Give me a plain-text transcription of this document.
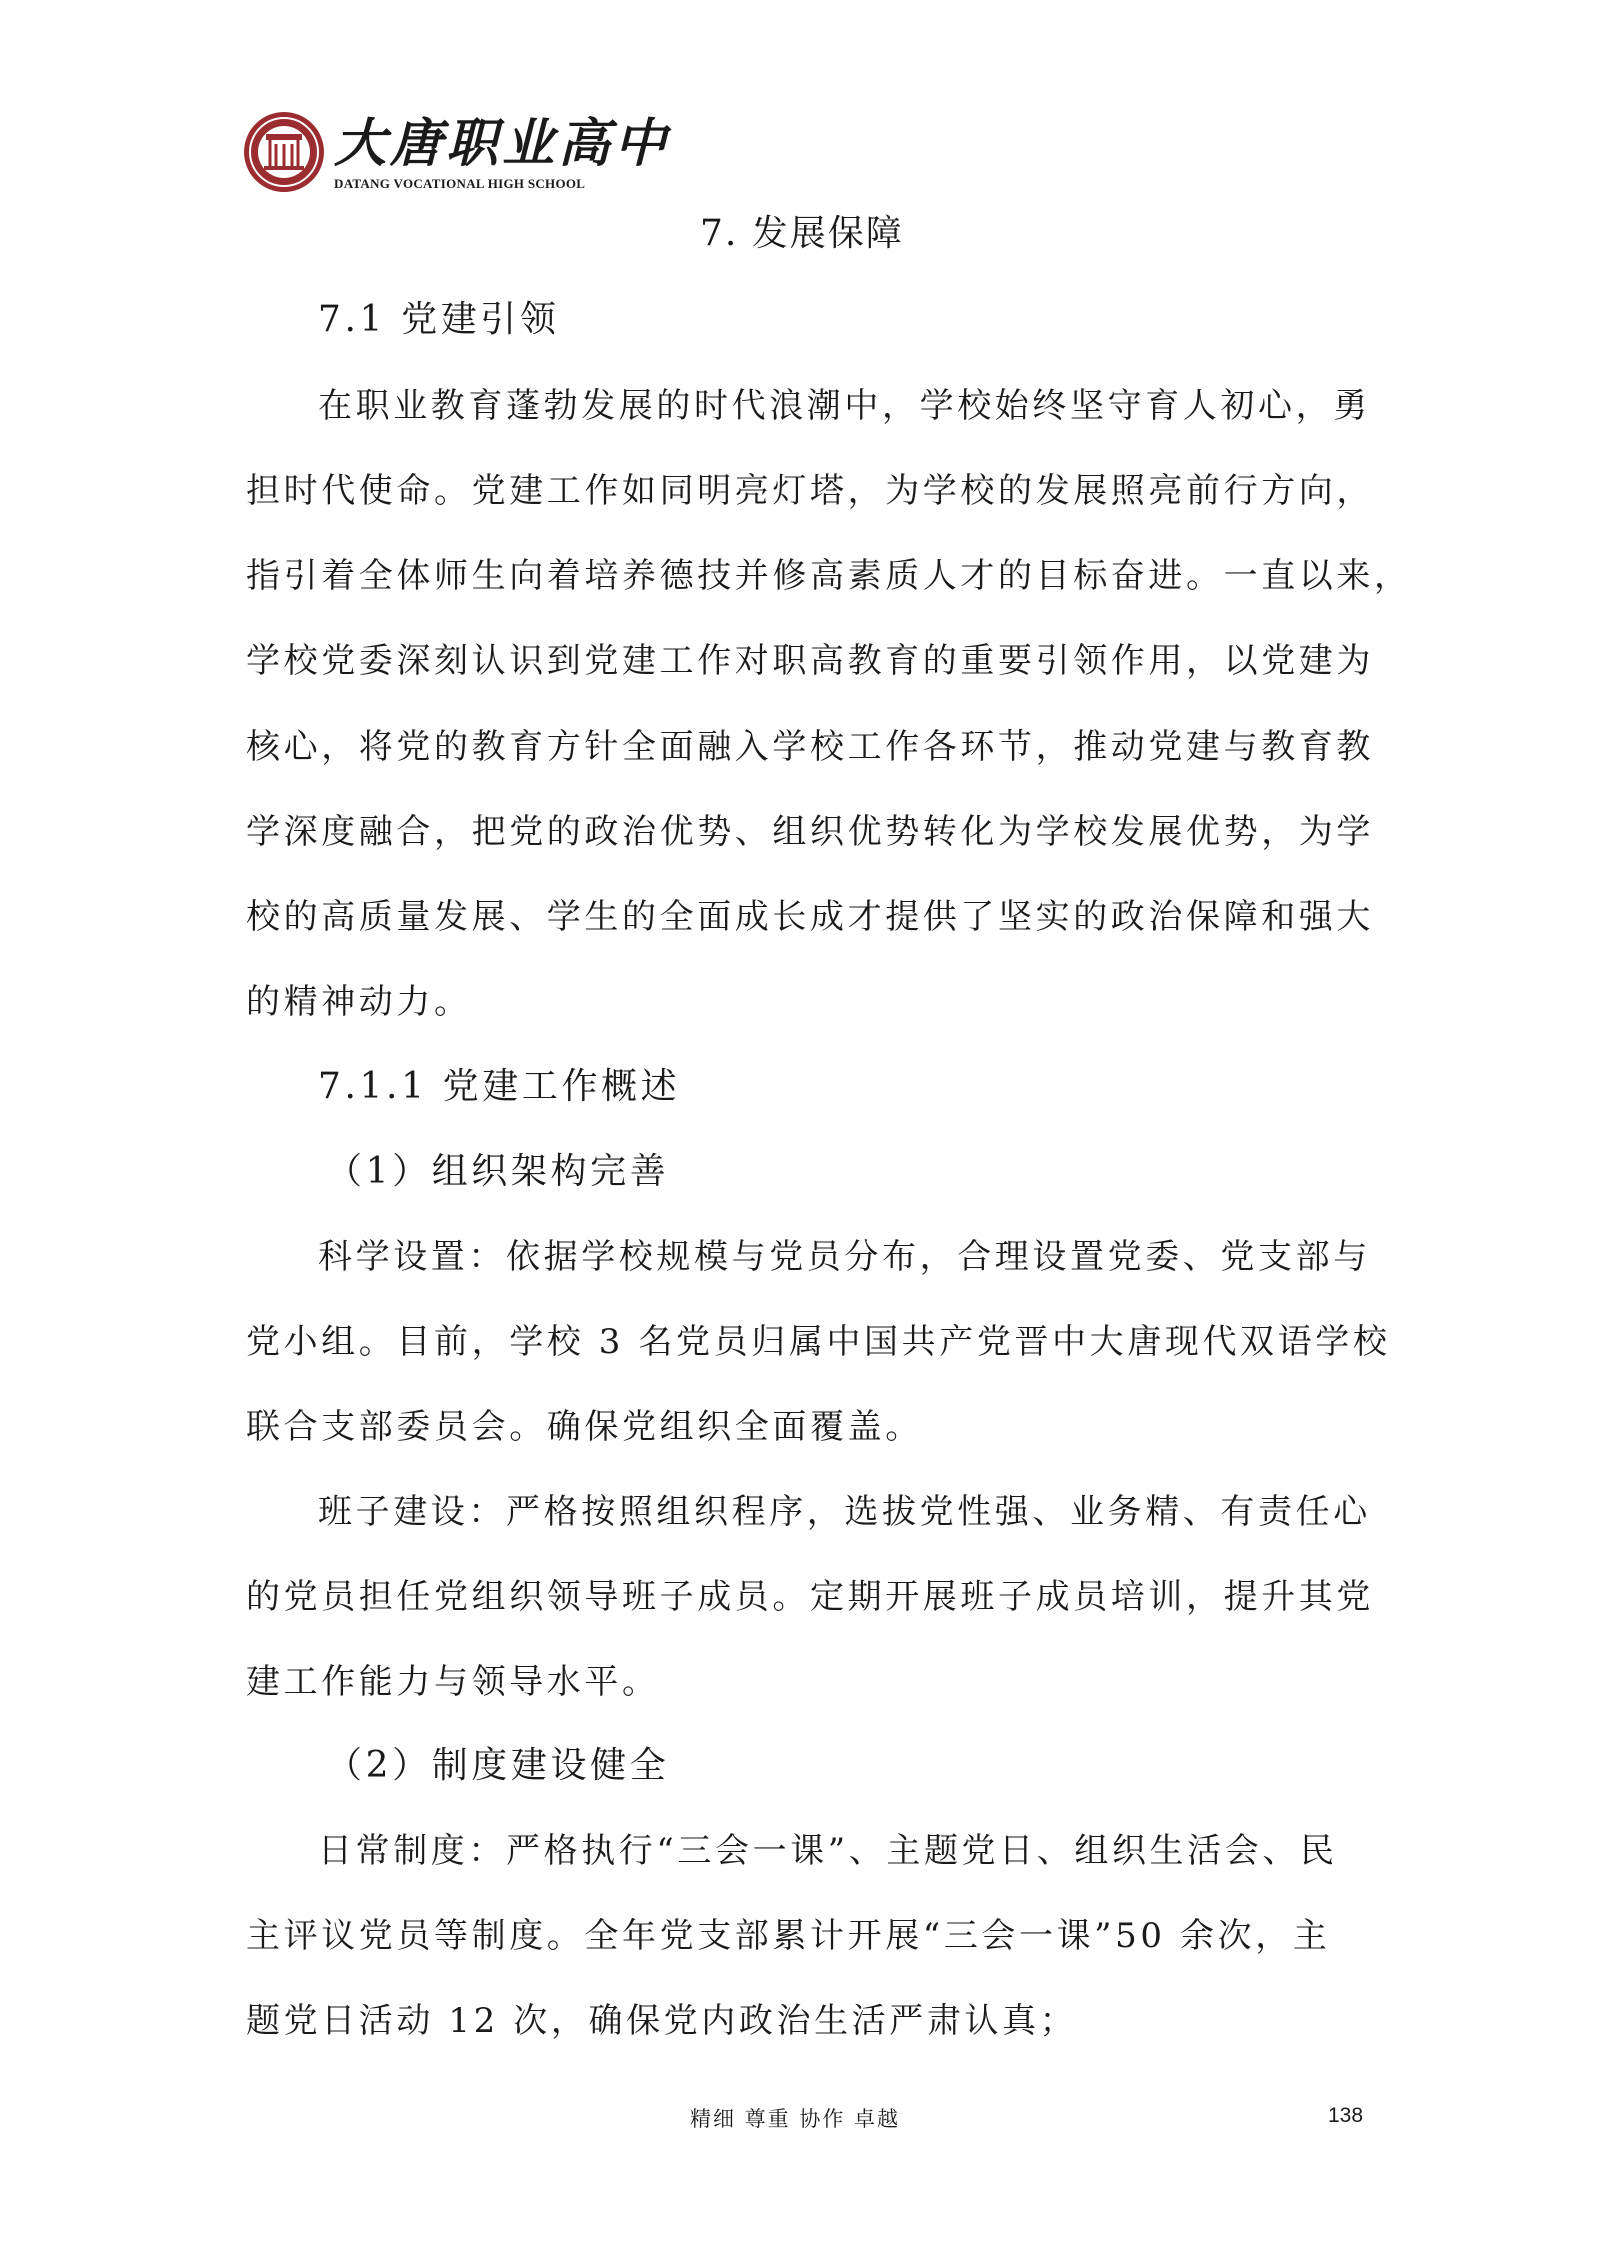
大唐职业高中
DATANG VOCATIONAL HIGH SCHOOL
7. 发展保障
7.1 党建引领
在职业教育蓬勃发展的时代浪潮中，学校始终坚守育人初心，勇
担时代使命。党建工作如同明亮灯塔，为学校的发展照亮前行方向，
指引着全体师生向着培养德技并修高素质人才的目标奋进。一直以来，
学校党委深刻认识到党建工作对职高教育的重要引领作用，以党建为
核心，将党的教育方针全面融入学校工作各环节，推动党建与教育教
学深度融合，把党的政治优势、组织优势转化为学校发展优势，为学
校的高质量发展、学生的全面成长成才提供了坚实的政治保障和强大
的精神动力。
7.1.1 党建工作概述
（1）组织架构完善
科学设置：依据学校规模与党员分布，合理设置党委、党支部与
党小组。目前，学校 3 名党员归属中国共产党晋中大唐现代双语学校
联合支部委员会。确保党组织全面覆盖。
班子建设：严格按照组织程序，选拔党性强、业务精、有责任心
的党员担任党组织领导班子成员。定期开展班子成员培训，提升其党
建工作能力与领导水平。
（2）制度建设健全
日常制度：严格执行“三会一课”、主题党日、组织生活会、民
主评议党员等制度。全年党支部累计开展“三会一课”50 余次，主
题党日活动 12 次，确保党内政治生活严肃认真；
精细 尊重 协作 卓越	138
